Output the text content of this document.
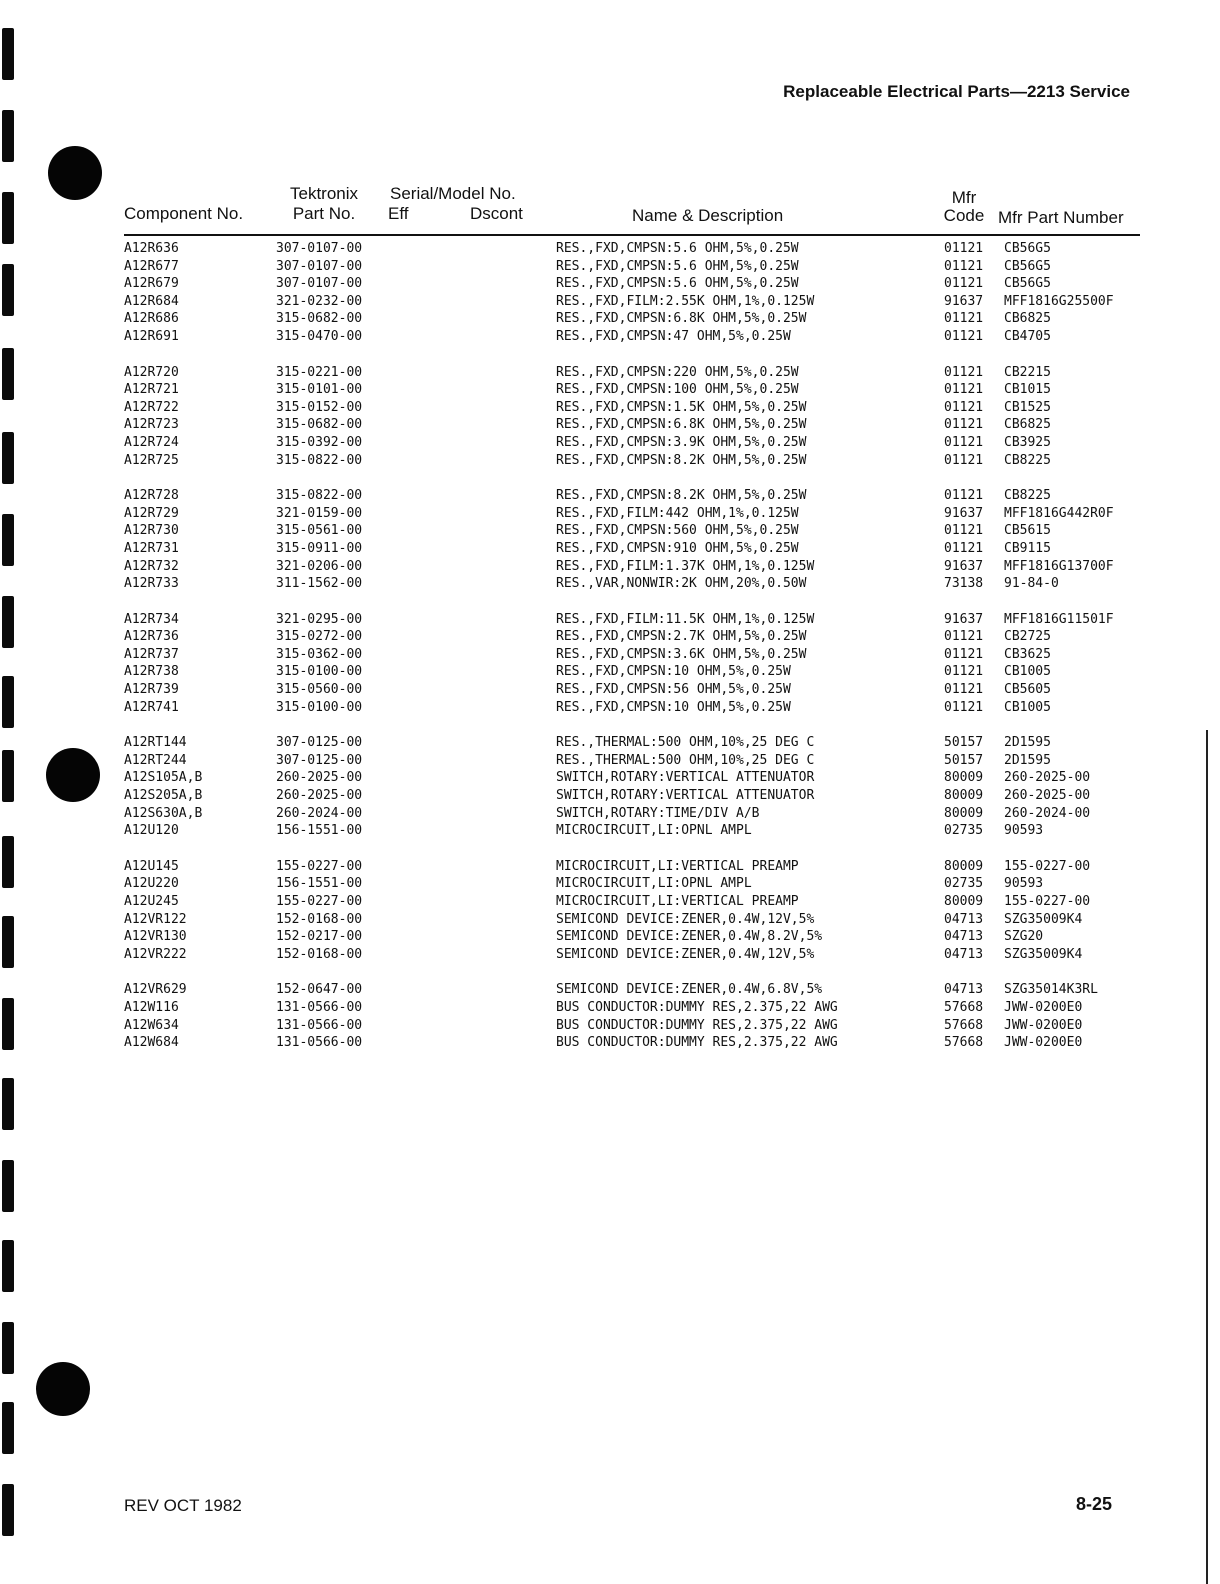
Replaceable Electrical Parts—2213 Service
Component No.
Tektronix
Part No.
Serial/Model No.
Eff	Dscont	Name & Description
Mfr
Code Mfr Part Number
A12R636	307-0107-00	RES.,FXD,CMPSN:5.6 OHM,5%,0.25W	01121 CB56G5
A12R677	307-0107-00	RES.,FXD,CMPSN:5.6 OHM,5%,0.25W	01121 CB56G5
A12R679	307-0107-00	RES.,FXD,CMPSN:5.6 OHM,5%,0.25W	01121 CB56G5
A12R684	321-0232-00	RES.,FXD,FILM:2.55K OHM,1%,0.125W	91637 MFF1816G25500F
A12R686	315-0682-00	RES.,FXD,CMPSN:6.8K OHM,5%,0.25W	01121 CB6825
A12R691	315-0470-00	RES.,FXD,CMPSN:47 OHM,5%,0.25W	01121 CB4705
A12R720	315-0221-00	RES.,FXD,CMPSN:220 OHM,5%,0.25W	01121 CB2215
A12R721	315-0101-00	RES.,FXD,CMPSN:100 OHM,5%,0.25W	01121 CB1015
A12R722	315-0152-00	RES.,FXD,CMPSN:1.5K OHM,5%,0.25W	01121 CB1525
A12R723	315-0682-00	RES.,FXD,CMPSN:6.8K OHM,5%,0.25W	01121 CB6825
A12R724	315-0392-00	RES.,FXD,CMPSN:3.9K OHM,5%,0.25W	01121 CB3925
A12R725	315-0822-00	RES.,FXD,CMPSN:8.2K OHM,5%,0.25W	01121 CB8225
A12R728	315-0822-00	RES.,FXD,CMPSN:8.2K OHM,5%,0.25W	01121 CB8225
A12R729	321-0159-00	RES.,FXD,FILM:442 OHM,1%,0.125W	91637 MFF1816G442R0F
A12R730	315-0561-00	RES.,FXD,CMPSN:560 OHM,5%,0.25W	01121 CB5615
A12R731	315-0911-00	RES.,FXD,CMPSN:910 OHM,5%,0.25W	01121 CB9115
A12R732	321-0206-00	RES.,FXD,FILM:1.37K OHM,1%,0.125W	91637 MFF1816G13700F
A12R733	311-1562-00	RES.,VAR,NONWIR:2K OHM,20%,0.50W	73138 91-84-0
A12R734	321-0295-00	RES.,FXD,FILM:11.5K OHM,1%,0.125W	91637 MFF1816G11501F
A12R736	315-0272-00	RES.,FXD,CMPSN:2.7K OHM,5%,0.25W	01121 CB2725
A12R737	315-0362-00	RES.,FXD,CMPSN:3.6K OHM,5%,0.25W	01121 CB3625
A12R738	315-0100-00	RES.,FXD,CMPSN:10 OHM,5%,0.25W	01121 CB1005
A12R739	315-0560-00	RES.,FXD,CMPSN:56 OHM,5%,0.25W	01121 CB5605
A12R741	315-0100-00	RES.,FXD,CMPSN:10 OHM,5%,0.25W	01121 CB1005
A12RT144	307-0125-00	RES.,THERMAL:500 OHM,10%,25 DEG C	50157 2D1595
A12RT244	307-0125-00	RES.,THERMAL:500 OHM,10%,25 DEG C	50157 2D1595
A12S105A,B	260-2025-00	SWITCH,ROTARY:VERTICAL ATTENUATOR	80009 260-2025-00
A12S205A,B	260-2025-00	SWITCH,ROTARY:VERTICAL ATTENUATOR	80009 260-2025-00
A12S630A,B	260-2024-00	SWITCH,ROTARY:TIME/DIV A/B	80009 260-2024-00
A12U120	156-1551-00	MICROCIRCUIT,LI:OPNL AMPL	02735 90593
A12U145	155-0227-00	MICROCIRCUIT,LI:VERTICAL PREAMP	80009 155-0227-00
A12U220	156-1551-00	MICROCIRCUIT,LI:OPNL AMPL	02735 90593
A12U245	155-0227-00	MICROCIRCUIT,LI:VERTICAL PREAMP	80009 155-0227-00
A12VR122	152-0168-00	SEMICOND DEVICE:ZENER,0.4W,12V,5%	04713 SZG35009K4
A12VR130	152-0217-00	SEMICOND DEVICE:ZENER,0.4W,8.2V,5%	04713 SZG20
A12VR222	152-0168-00	SEMICOND DEVICE:ZENER,0.4W,12V,5%	04713 SZG35009K4
A12VR629	152-0647-00	SEMICOND DEVICE:ZENER,0.4W,6.8V,5%	04713 SZG35014K3RL
A12W116	131-0566-00	BUS CONDUCTOR:DUMMY RES,2.375,22 AWG	57668 JWW-0200E0
A12W634	131-0566-00	BUS CONDUCTOR:DUMMY RES,2.375,22 AWG	57668 JWW-0200E0
A12W684	131-0566-00	BUS CONDUCTOR:DUMMY RES,2.375,22 AWG	57668 JWW-0200E0
REV OCT 1982	8-25
